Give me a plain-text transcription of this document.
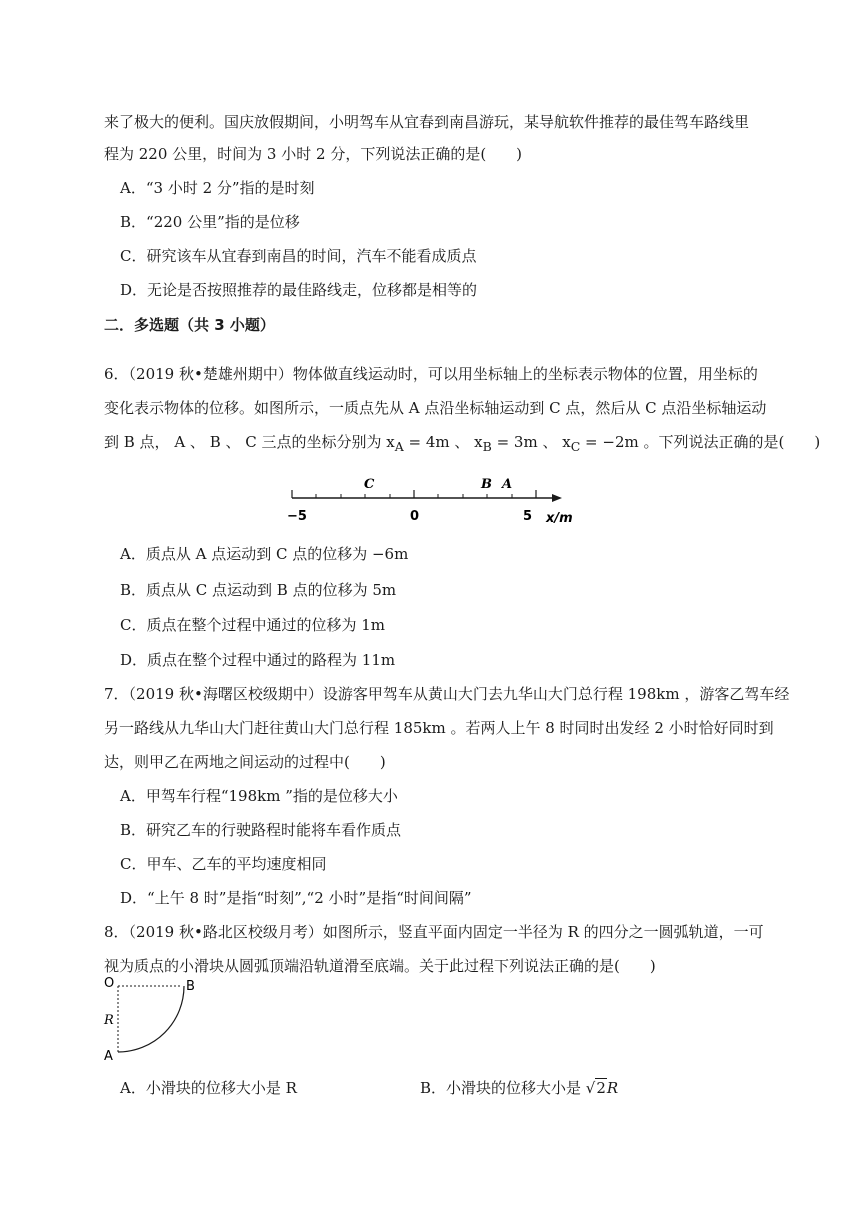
来了极大的便利。国庆放假期间，小明驾车从宜春到南昌游玩，某导航软件推荐的最佳驾车路线里
程为 220 公里，时间为 3 小时 2 分，下列说法正确的是(　　)
A．“3 小时 2 分”指的是时刻
B．“220 公里”指的是位移
C．研究该车从宜春到南昌的时间，汽车不能看成质点
D．无论是否按照推荐的最佳路线走，位移都是相等的
二．多选题（共 3 小题）
6．（2019 秋•楚雄州期中）物体做直线运动时，可以用坐标轴上的坐标表示物体的位置，用坐标的
变化表示物体的位移。如图所示，一质点先从 A 点沿坐标轴运动到 C 点，然后从 C 点沿坐标轴运动
到 B 点， A 、 B 、 C 三点的坐标分别为 $x_A = 4m$ 、 $x_B = 3m$ 、 $x_C = -2m$ 。下列说法正确的是(　　)
C	B A
−5	0	5 x/m
A．质点从 A 点运动到 C 点的位移为 −6m
B．质点从 C 点运动到 B 点的位移为 5m
C．质点在整个过程中通过的位移为 1m
D．质点在整个过程中通过的路程为 11m
7．（2019 秋•海曙区校级期中）设游客甲驾车从黄山大门去九华山大门总行程 198km ，游客乙驾车经
另一路线从九华山大门赶往黄山大门总行程 185km 。若两人上午 8 时同时出发经 2 小时恰好同时到
达，则甲乙在两地之间运动的过程中(　　)
A．甲驾车行程“198km ”指的是位移大小
B．研究乙车的行驶路程时能将车看作质点
C．甲车、乙车的平均速度相同
D．“上午 8 时”是指“时刻”,“2 小时”是指“时间间隔”
8．（2019 秋•路北区校级月考）如图所示，竖直平面内固定一半径为 R 的四分之一圆弧轨道，一可
视为质点的小滑块从圆弧顶端沿轨道滑至底端。关于此过程下列说法正确的是(　　)
O	B
R
A
A．小滑块的位移大小是 R	B．小滑块的位移大小是 √2R
